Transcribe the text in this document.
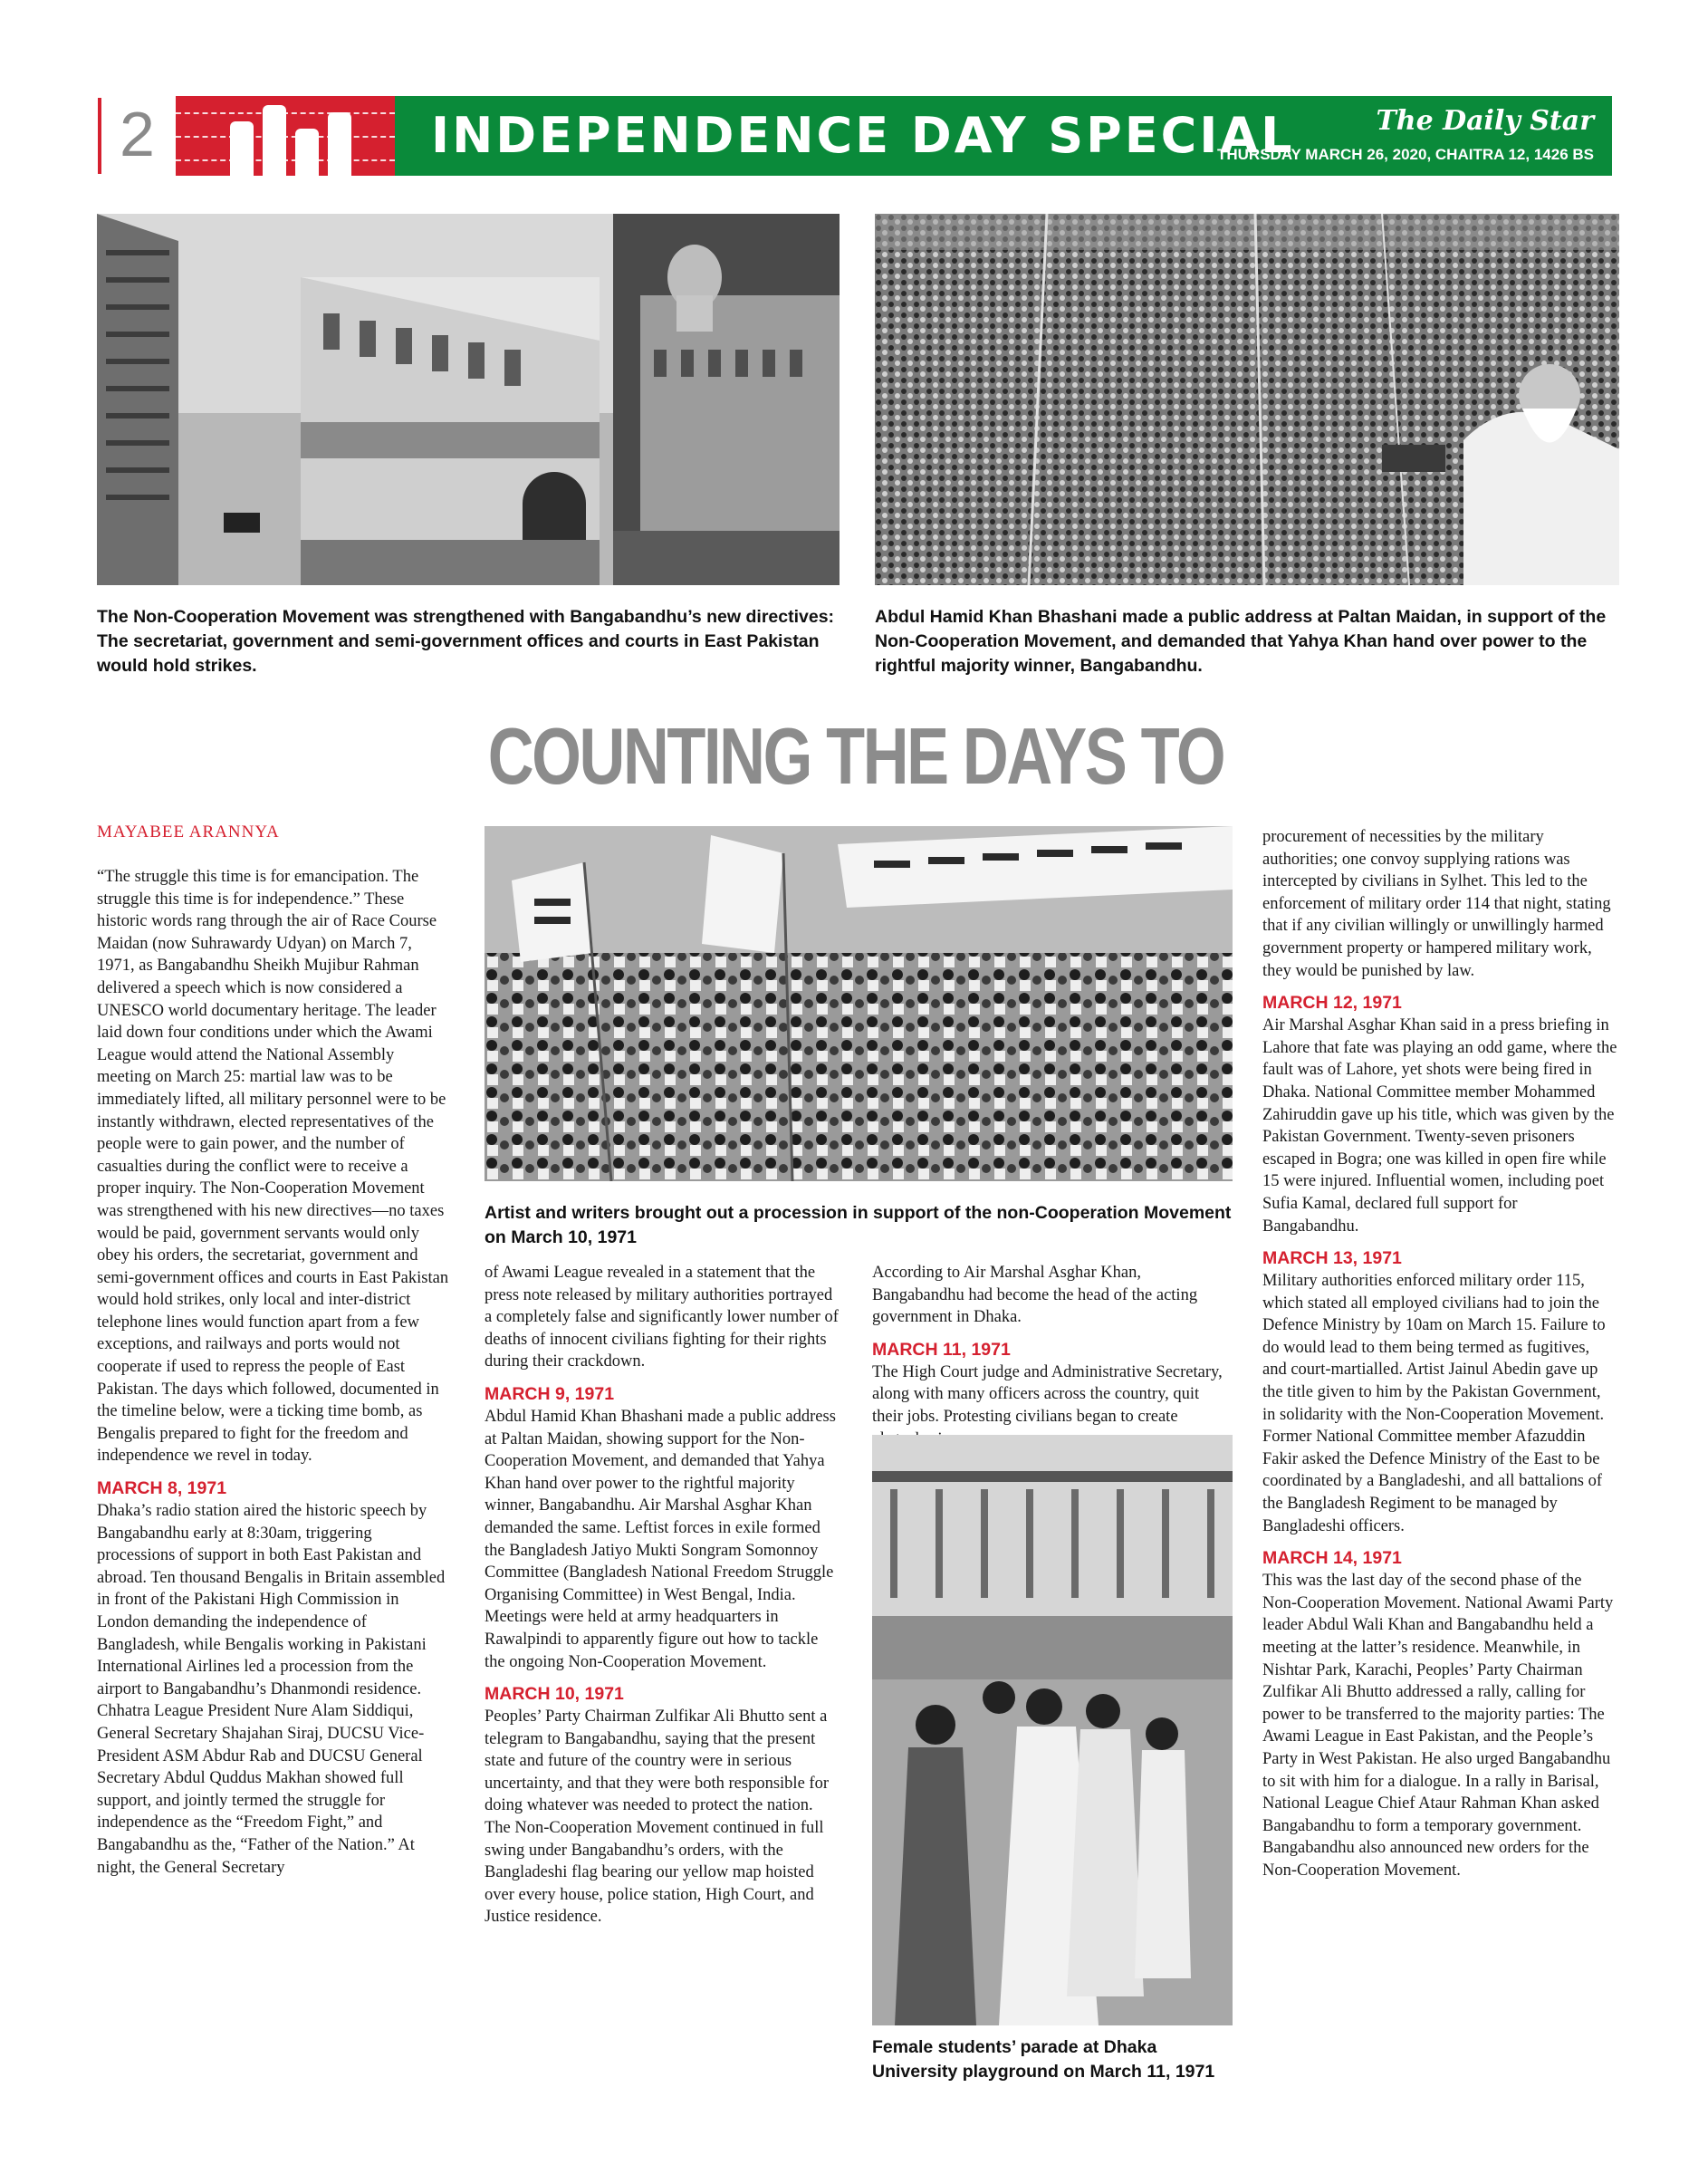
2	INDEPENDENCE DAY SPECIAL	The Daily Star
THURSDAY MARCH 26, 2020, CHAITRA 12, 1426 BS
The Non-Cooperation Movement was strengthened with Bangabandhu’s new directives: The secretariat, government and semi-government offices and courts in East Pakistan would hold strikes.
Abdul Hamid Khan Bhashani made a public address at Paltan Maidan, in support of the Non-Cooperation Movement, and demanded that Yahya Khan hand over power to the rightful majority winner, Bangabandhu.
COUNTING THE DAYS TO
MAYABEE ARANNYA

“The struggle this time is for emancipation. The struggle this time is for independence.” These historic words rang through the air of Race Course Maidan (now Suhrawardy Udyan) on March 7, 1971, as Bangabandhu Sheikh Mujibur Rahman delivered a speech which is now considered a UNESCO world documentary heritage. The leader laid down four conditions under which the Awami League would attend the National Assembly meeting on March 25: martial law was to be immediately lifted, all military personnel were to be instantly withdrawn, elected representatives of the people were to gain power, and the number of casualties during the conflict were to receive a proper inquiry. The Non-Cooperation Movement was strengthened with his new directives—no taxes would be paid, government servants would only obey his orders, the secretariat, government and semi-government offices and courts in East Pakistan would hold strikes, only local and inter-district telephone lines would function apart from a few exceptions, and railways and ports would not cooperate if used to repress the people of East Pakistan. The days which followed, documented in the timeline below, were a ticking time bomb, as Bengalis prepared to fight for the freedom and independence we revel in today.

MARCH 8, 1971

Dhaka’s radio station aired the historic speech by Bangabandhu early at 8:30am, triggering processions of support in both East Pakistan and abroad. Ten thousand Bengalis in Britain assembled in front of the Pakistani High Commission in London demanding the independence of Bangladesh, while Bengalis working in Pakistani International Airlines led a procession from the airport to Bangabandhu’s Dhanmondi residence. Chhatra League President Nure Alam Siddiqui, General Secretary Shajahan Siraj, DUCSU Vice-President ASM Abdur Rab and DUCSU General Secretary Abdul Quddus Makhan showed full support, and jointly termed the struggle for independence as the “Freedom Fight,” and Bangabandhu as the, “Father of the Nation.” At night, the General Secretary

Artist and writers brought out a procession in support of the non-Cooperation Movement on March 10, 1971

of Awami League revealed in a statement that the press note released by military authorities portrayed a completely false and significantly lower number of deaths of innocent civilians fighting for their rights during their crackdown.

MARCH 9, 1971

Abdul Hamid Khan Bhashani made a public address at Paltan Maidan, showing support for the Non-Cooperation Movement, and demanded that Yahya Khan hand over power to the rightful majority winner, Bangabandhu. Air Marshal Asghar Khan demanded the same. Leftist forces in exile formed the Bangladesh Jatiyo Mukti Songram Somonnoy Committee (Bangladesh National Freedom Struggle Organising Committee) in West Bengal, India. Meetings were held at army headquarters in Rawalpindi to apparently figure out how to tackle the ongoing Non-Cooperation Movement.

MARCH 10, 1971

Peoples’ Party Chairman Zulfikar Ali Bhutto sent a telegram to Bangabandhu, saying that the present state and future of the country were in serious uncertainty, and that they were both responsible for doing whatever was needed to protect the nation. The Non-Cooperation Movement continued in full swing under Bangabandhu’s orders, with the Bangladeshi flag bearing our yellow map hoisted over every house, police station, High Court, and Justice residence.

According to Air Marshal Asghar Khan, Bangabandhu had become the head of the acting government in Dhaka.

MARCH 11, 1971

The High Court judge and Administrative Secretary, along with many officers across the country, quit their jobs. Protesting civilians began to create

Female students’ parade at Dhaka University playground on March 11, 1971

procurement of necessities by the military authorities; one convoy supplying rations was intercepted by civilians in Sylhet. This led to the enforcement of military order 114 that night, stating that if any civilian willingly or unwillingly harmed government property or hampered military work, they would be punished by law.

MARCH 12, 1971

Air Marshal Asghar Khan said in a press briefing in Lahore that fate was playing an odd game, where the fault was of Lahore, yet shots were being fired in Dhaka. National Committee member Mohammed Zahiruddin gave up his title, which was given by the Pakistan Government. Twenty-seven prisoners escaped in Bogra; one was killed in open fire while 15 were injured. Influential women, including poet Sufia Kamal, declared full support for Bangabandhu.

MARCH 13, 1971

Military authorities enforced military order 115, which stated all employed civilians had to join the Defence Ministry by 10am on March 15. Failure to do would lead to them being termed as fugitives, and court-martialled. Artist Jainul Abedin gave up the title given to him by the Pakistan Government, in solidarity with the Non-Cooperation Movement. Former National Committee member Afazuddin Fakir asked the Defence Ministry of the East to be coordinated by a Bangladeshi, and all battalions of the Bangladesh Regiment to be managed by Bangladeshi officers.

MARCH 14, 1971

This was the last day of the second phase of the Non-Cooperation Movement. National Awami Party leader Abdul Wali Khan and Bangabandhu held a meeting at the latter’s residence. Meanwhile, in Nishtar Park, Karachi, Peoples’ Party Chairman Zulfikar Ali Bhutto addressed a rally, calling for power to be transferred to the majority parties: The Awami League in East Pakistan, and the People’s Party in West Pakistan. He also urged Bangabandhu to sit with him for a dialogue. In a rally in Barisal, National League Chief Ataur Rahman Khan asked Bangabandhu to form a temporary government. Bangabandhu also announced new orders for the Non-Cooperation Movement.
